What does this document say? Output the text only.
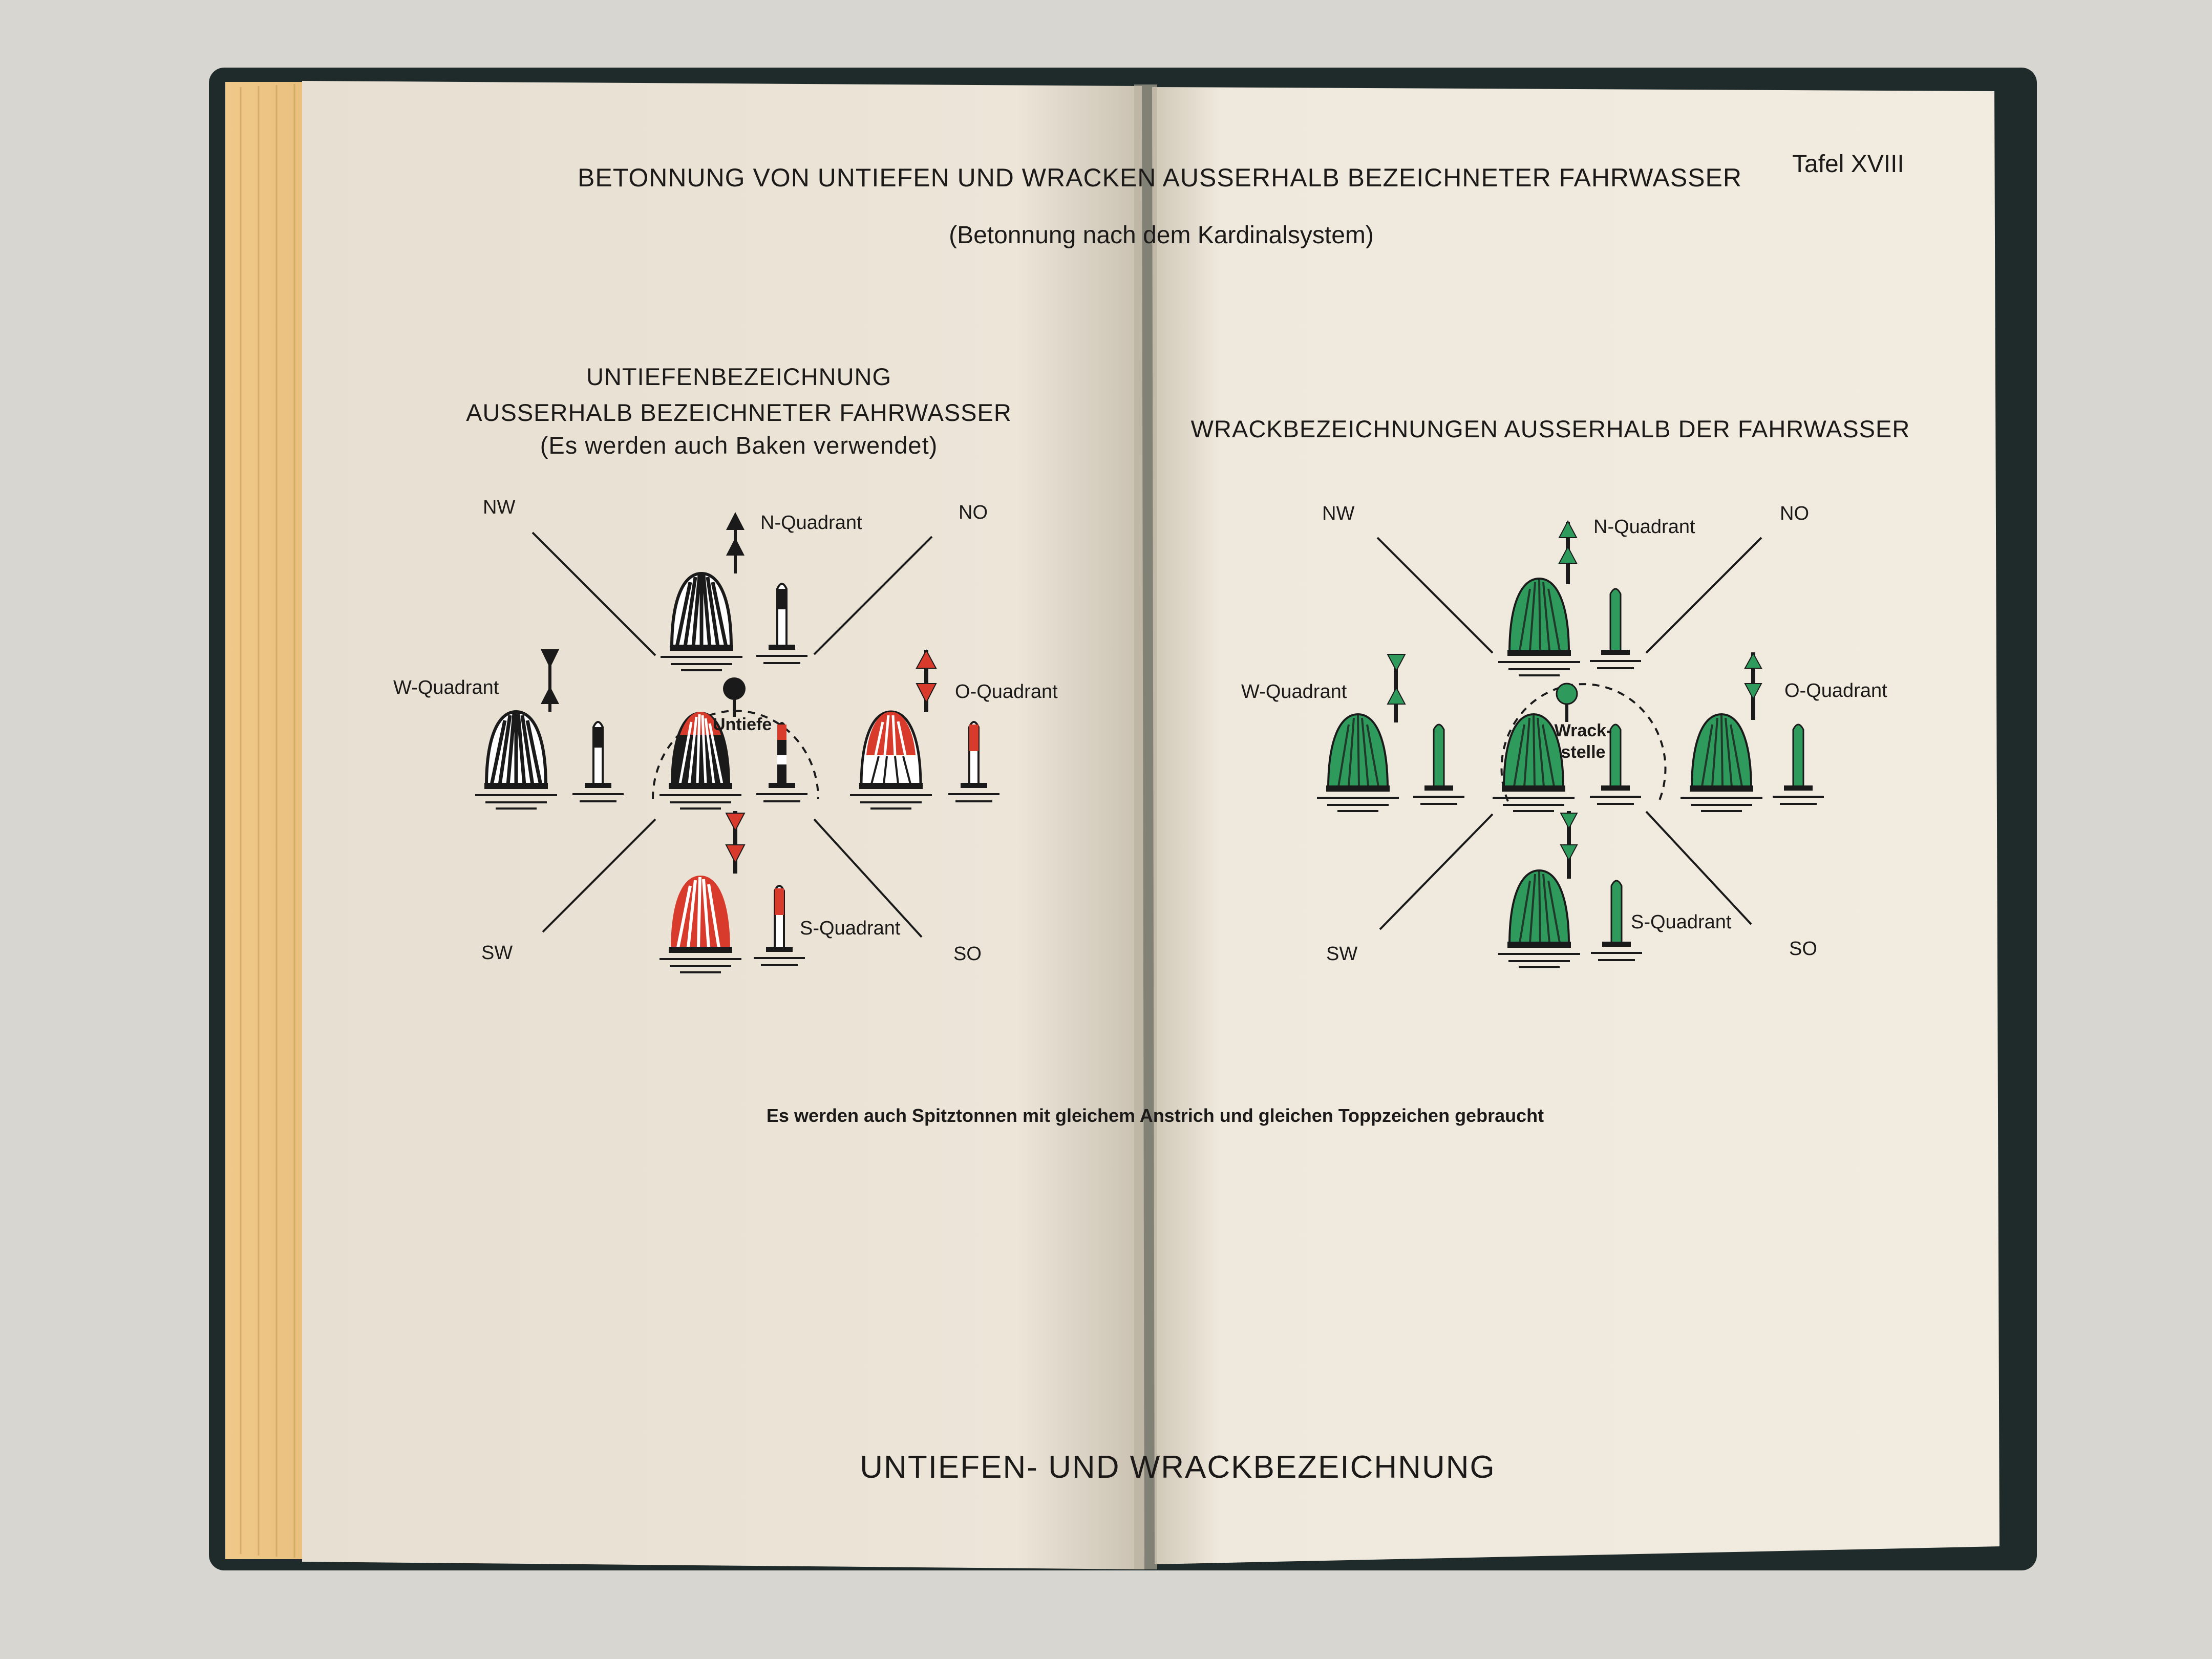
BETONNUNG VON UNTIEFEN UND WRACKEN AUSSERHALB BEZEICHNETER FAHRWASSER Tafel XVIII
(Betonnung nach dem Kardinalsystem)
UNTIEFENBEZEICHNUNG
AUSSERHALB BEZEICHNETER FAHRWASSER
(Es werden auch Baken verwendet)
WRACKBEZEICHNUNGEN AUSSERHALB DER FAHRWASSER
NW	NO
SW	SO
N-Quadrant
W-Quadrant	O-Quadrant
S-Quadrant
Untiefe
NW	NO
SW	SO
N-Quadrant
W-Quadrant	O-Quadrant
S-Quadrant
Wrack-
stelle
Es werden auch Spitztonnen mit gleichem Anstrich und gleichen Toppzeichen gebraucht
UNTIEFEN- UND WRACKBEZEICHNUNG
